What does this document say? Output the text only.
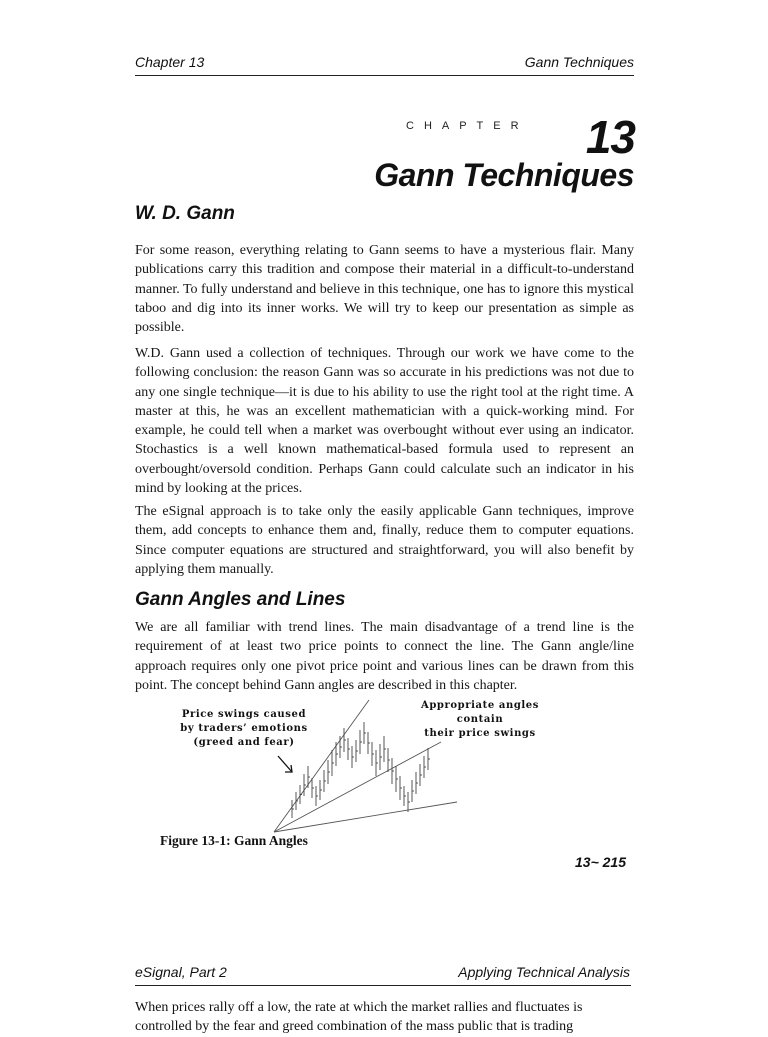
Chapter 13	Gann Techniques
CHAPTER 13
Gann Techniques
W. D. Gann
For some reason, everything relating to Gann seems to have a mysterious flair. Many publications carry this tradition and compose their material in a difficult-to-understand manner. To fully understand and believe in this technique, one has to ignore this mystical taboo and dig into its inner works. We will try to keep our presentation as simple as possible.
W.D. Gann used a collection of techniques. Through our work we have come to the following conclusion: the reason Gann was so accurate in his predictions was not due to any one single technique—it is due to his ability to use the right tool at the right time. A master at this, he was an excellent mathematician with a quick-working mind. For example, he could tell when a market was overbought without ever using an indicator. Stochastics is a well known mathematical-based formula used to represent an overbought/oversold condition. Perhaps Gann could calculate such an indicator in his mind by looking at the prices.
The eSignal approach is to take only the easily applicable Gann techniques, improve them, add concepts to enhance them and, finally, reduce them to computer equations. Since computer equations are structured and straightforward, you will also benefit by applying them manually.
Gann Angles and Lines
We are all familiar with trend lines. The main disadvantage of a trend line is the requirement of at least two price points to connect the line. The Gann angle/line approach requires only one pivot price point and various lines can be drawn from this point. The concept behind Gann angles are described in this chapter.
Price swings caused
by traders’ emotions
(greed and fear)
Appropriate angles contain
their price swings
Figure 13-1: Gann Angles
13~ 215
eSignal, Part 2	Applying Technical Analysis
When prices rally off a low, the rate at which the market rallies and fluctuates is
controlled by the fear and greed combination of the mass public that is trading
